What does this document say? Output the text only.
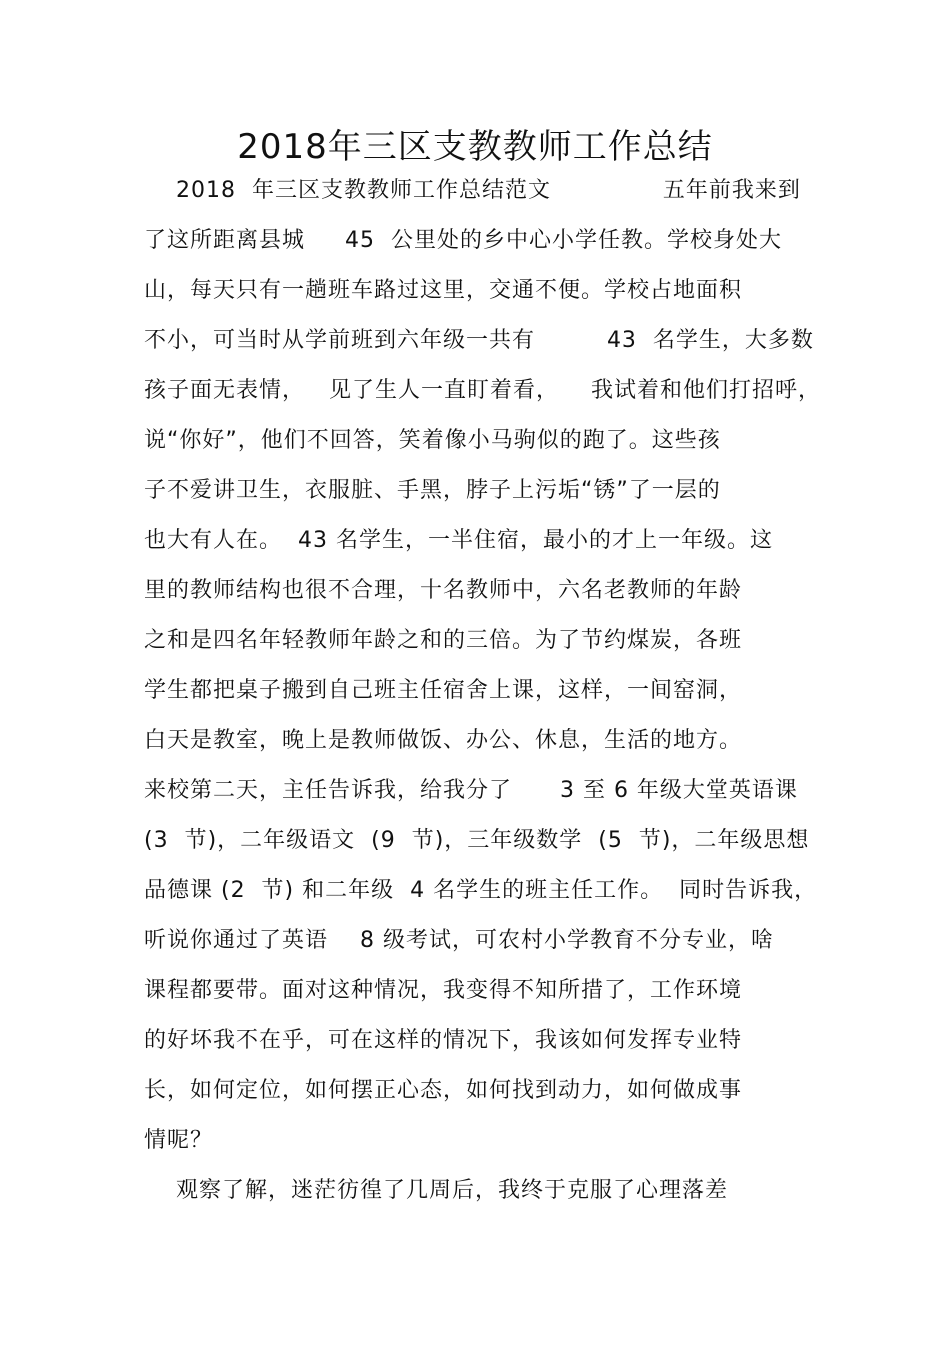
2018年三区支教教师工作总结
2018  年三区支教教师工作总结范文              五年前我来到
了这所距离县城     45  公里处的乡中心小学任教。学校身处大
山，每天只有一趟班车路过这里，交通不便。学校占地面积
不小，可当时从学前班到六年级一共有         43  名学生，大多数
孩子面无表情，   见了生人一直盯着看，    我试着和他们打招呼，
说“你好”，他们不回答，笑着像小马驹似的跑了。这些孩
子不爱讲卫生，衣服脏、手黑，脖子上污垢“锈”了一层的
也大有人在。  43 名学生，一半住宿，最小的才上一年级。这
里的教师结构也很不合理，十名教师中，六名老教师的年龄
之和是四名年轻教师年龄之和的三倍。为了节约煤炭，各班
学生都把桌子搬到自己班主任宿舍上课，这样，一间窑洞，
白天是教室，晚上是教师做饭、办公、休息，生活的地方。
来校第二天，主任告诉我，给我分了      3 至 6 年级大堂英语课
(3  节)，二年级语文  (9  节)，三年级数学  (5  节)，二年级思想
品德课 (2  节) 和二年级  4 名学生的班主任工作。  同时告诉我，
听说你通过了英语    8 级考试，可农村小学教育不分专业，啥
课程都要带。面对这种情况，我变得不知所措了，工作环境
的好坏我不在乎，可在这样的情况下，我该如何发挥专业特
长，如何定位，如何摆正心态，如何找到动力，如何做成事
情呢？
观察了解，迷茫彷徨了几周后，我终于克服了心理落差
